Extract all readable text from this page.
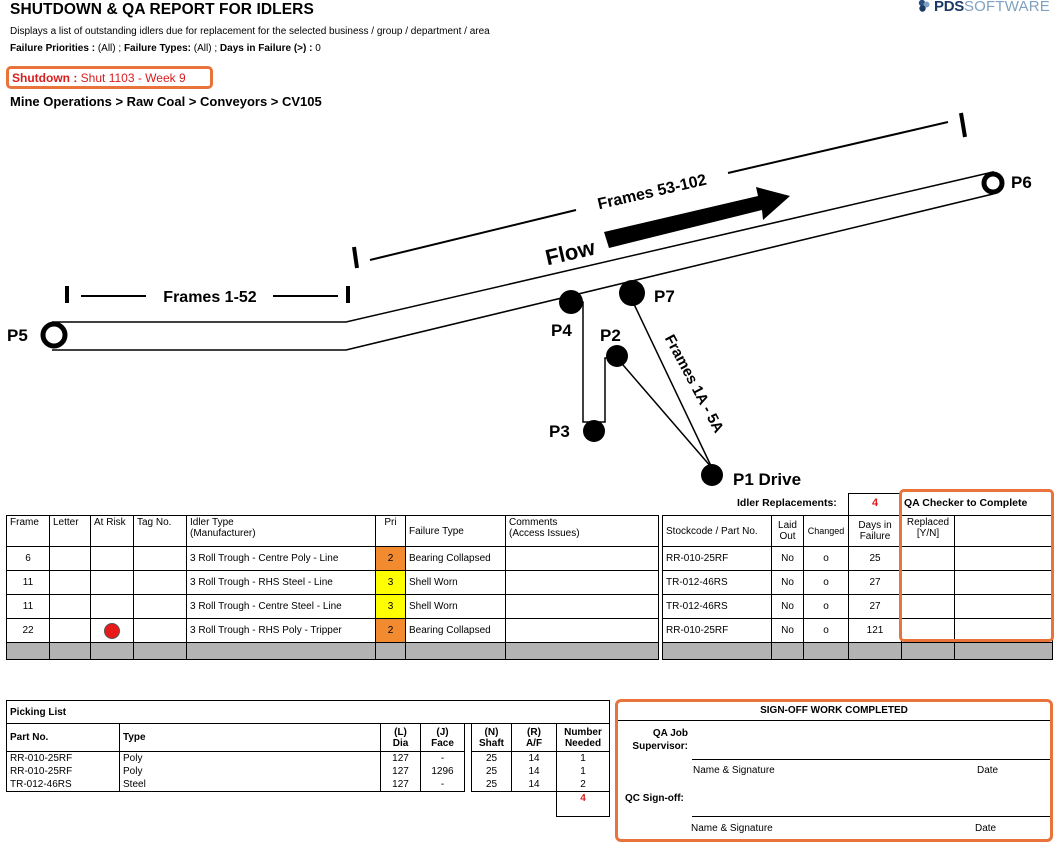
SHUTDOWN & QA REPORT FOR IDLERS	PDS SOFTWARE
Displays a list of outstanding idlers due for replacement for the selected business / group / department / area
Failure Priorities : (All) ; Failure Types: (All) ; Days in Failure (>) : 0
Shutdown : Shut 1103 - Week 9
Mine Operations > Raw Coal > Conveyors > CV105
Frames 1-52
Frames 53-102
Flow
Frames 1A - 5A
P5
P6
P4
P7
P2
P3
P1 Drive
Idler Replacements:	4	QA Checker to Complete
Frame	Letter	At Risk	Tag No.	Idler Type
(Manufacturer)	Pri	Failure Type	Comments
(Access Issues)
6				3 Roll Trough - Centre Poly - Line	2	Bearing Collapsed	
11				3 Roll Trough - RHS Steel - Line	3	Shell Worn	
11				3 Roll Trough - Centre Steel - Line	3	Shell Worn	
22				3 Roll Trough - RHS Poly - Tripper	2	Bearing Collapsed	

Stockcode / Part No.	Laid
Out	Changed	Days in
Failure	Replaced
[Y/N]	
RR-010-25RF	No	o	25		
TR-012-46RS	No	o	27		
TR-012-46RS	No	o	27		
RR-010-25RF	No	o	121		

Picking List							
Part No.	Type	(L)
Dia	(J)
Face		(N)
Shaft	(R)
A/F	Number
Needed
RR-010-25RF	Poly	127	-		25	14	1
RR-010-25RF	Poly	127	1296		25	14	1
TR-012-46RS	Steel	127	-		25	14	2
							4
SIGN-OFF WORK COMPLETED
QA Job
Supervisor:
Name & Signature	Date
QC Sign-off:
Name & Signature	Date
